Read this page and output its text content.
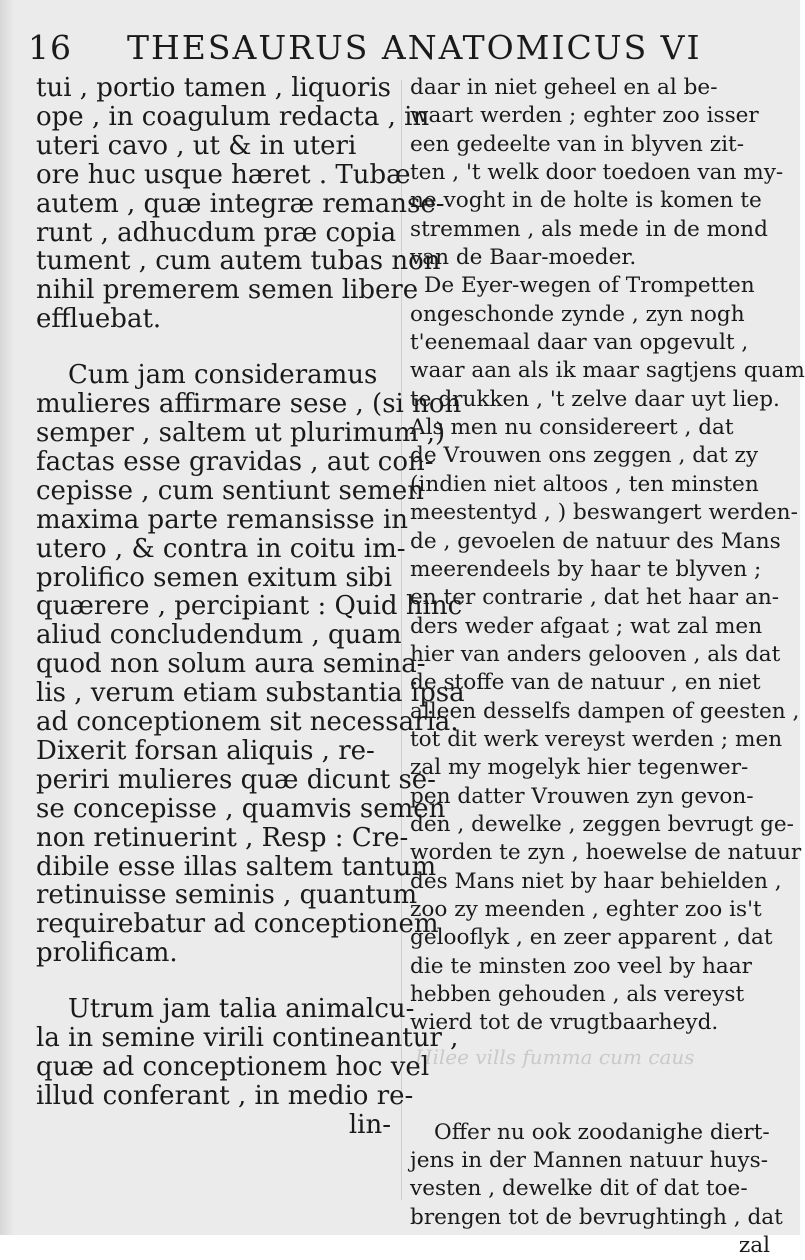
16 THESAURUS ANATOMICUS VI
Hilee vills fumma cum caus
tui , portio tamen , liquoris
ope , in coagulum redacta , in
uteri cavo , ut & in uteri
ore huc usque hæret . Tubæ
autem , quæ integræ remanse-
runt , adhucdum præ copia
tument , cum autem tubas non
nihil premerem semen libere
effluebat.
Cum jam consideramus
mulieres affirmare sese , (si non
semper , saltem ut plurimum ,)
factas esse gravidas , aut con-
cepisse , cum sentiunt semen
maxima parte remansisse in
utero , & contra in coitu im-
prolifico semen exitum sibi
quærere , percipiant : Quid hinc
aliud concludendum , quam
quod non solum aura semina-
lis , verum etiam substantia ipsa
ad conceptionem sit necessaria.
Dixerit forsan aliquis , re-
periri mulieres quæ dicunt se-
se concepisse , quamvis semen
non retinuerint , Resp : Cre-
dibile esse illas saltem tantum
retinuisse seminis , quantum
requirebatur ad conceptionem
prolificam.
Utrum jam talia animalcu-
la in semine virili contineantur ,
quæ ad conceptionem hoc vel
illud conferant , in medio re-
lin-
daar in niet geheel en al be-
waart werden ; eghter zoo isser
een gedeelte van in blyven zit-
ten , 't welk door toedoen van my-
ne voght in de holte is komen te
stremmen , als mede in de mond
van de Baar-moeder.
De Eyer-wegen of Trompetten
ongeschonde zynde , zyn nogh
t'eenemaal daar van opgevult ,
waar aan als ik maar sagtjens quam
te drukken , 't zelve daar uyt liep.
Als men nu considereert , dat
de Vrouwen ons zeggen , dat zy
(indien niet altoos , ten minsten
meestentyd , ) beswangert werden-
de , gevoelen de natuur des Mans
meerendeels by haar te blyven ;
en ter contrarie , dat het haar an-
ders weder afgaat ; wat zal men
hier van anders gelooven , als dat
de stoffe van de natuur , en niet
alleen desselfs dampen of geesten ,
tot dit werk vereyst werden ; men
zal my mogelyk hier tegenwer-
pen datter Vrouwen zyn gevon-
den , dewelke , zeggen bevrugt ge-
worden te zyn , hoewelse de natuur
des Mans niet by haar behielden ,
zoo zy meenden , eghter zoo is't
gelooflyk , en zeer apparent , dat
die te minsten zoo veel by haar
hebben gehouden , als vereyst
wierd tot de vrugtbaarheyd.
Offer nu ook zoodanighe diert-
jens in der Mannen natuur huys-
vesten , dewelke dit of dat toe-
brengen tot de bevrughtingh , dat
zal
